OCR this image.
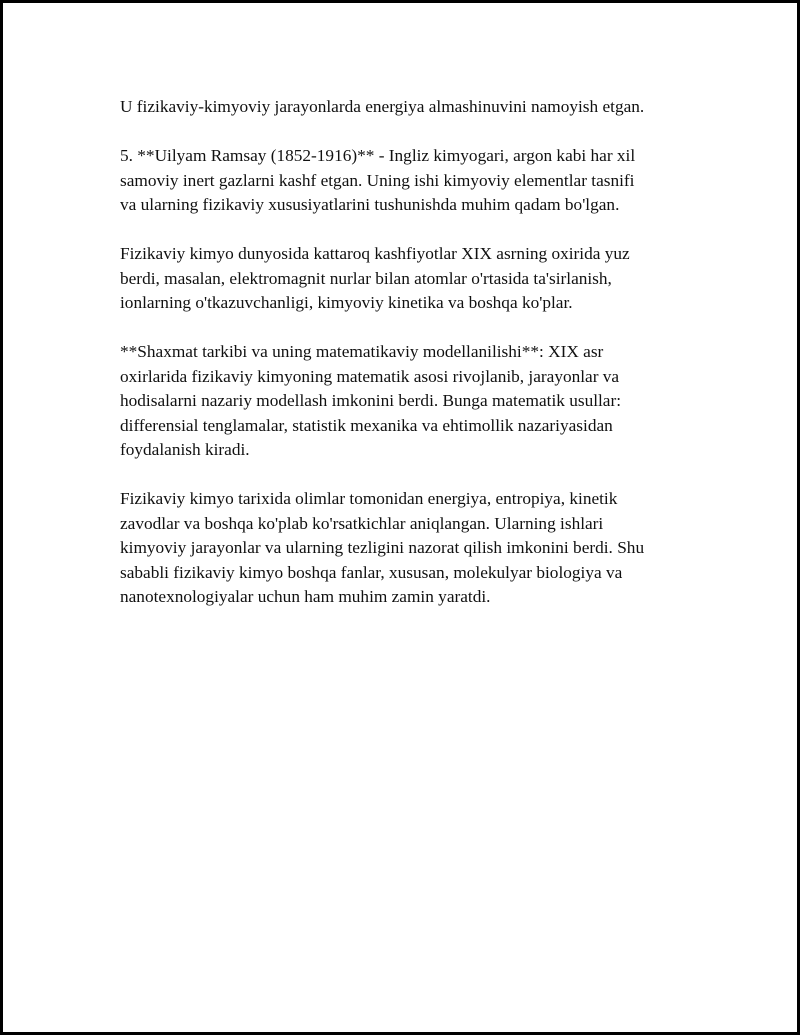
U fizikaviy-kimyoviy jarayonlarda energiya almashinuvini namoyish etgan.

5. **Uilyam Ramsay (1852-1916)** - Ingliz kimyogari, argon kabi har xil
samoviy inert gazlarni kashf etgan. Uning ishi kimyoviy elementlar tasnifi
va ularning fizikaviy xususiyatlarini tushunishda muhim qadam bo'lgan.

Fizikaviy kimyo dunyosida kattaroq kashfiyotlar XIX asrning oxirida yuz
berdi, masalan, elektromagnit nurlar bilan atomlar o'rtasida ta'sirlanish,
ionlarning o'tkazuvchanligi, kimyoviy kinetika va boshqa ko'plar.

**Shaxmat tarkibi va uning matematikaviy modellanilishi**: XIX asr
oxirlarida fizikaviy kimyoning matematik asosi rivojlanib, jarayonlar va
hodisalarni nazariy modellash imkonini berdi. Bunga matematik usullar:
differensial tenglamalar, statistik mexanika va ehtimollik nazariyasidan
foydalanish kiradi.

Fizikaviy kimyo tarixida olimlar tomonidan energiya, entropiya, kinetik
zavodlar va boshqa ko'plab ko'rsatkichlar aniqlangan. Ularning ishlari
kimyoviy jarayonlar va ularning tezligini nazorat qilish imkonini berdi. Shu
sababli fizikaviy kimyo boshqa fanlar, xususan, molekulyar biologiya va
nanotexnologiyalar uchun ham muhim zamin yaratdi.
